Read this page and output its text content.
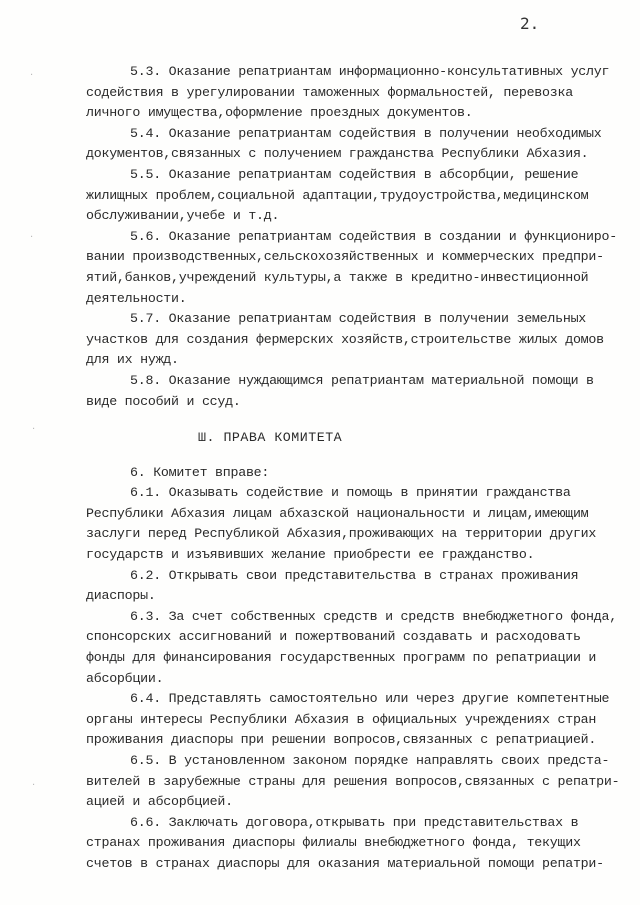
2.
·
·
·
·

5.3. Оказание репатриантам информационно-консультативных услуг
содействия в урегулировании таможенных формальностей, перевозка
личного имущества,оформление проездных документов.

5.4. Оказание репатриантам содействия в получении необходимых
документов,связанных с получением гражданства Республики Абхазия.

5.5. Оказание репатриантам содействия в абсорбции, решение
жилищных проблем,социальной адаптации,трудоустройства,медицинском
обслуживании,учебе и т.д.

5.6. Оказание репатриантам содействия в создании и функциониро-
вании производственных,сельскохозяйственных и коммерческих предпри-
ятий,банков,учреждений культуры,а также в кредитно-инвестиционной
деятельности.

5.7. Оказание репатриантам содействия в получении земельных
участков для создания фермерских хозяйств,строительстве жилых домов
для их нужд.

5.8. Оказание нуждающимся репатриантам материальной помощи в
виде пособий и ссуд.

Ш. ПРАВА КОМИТЕТА

6. Комитет вправе:

6.1. Оказывать содействие и помощь в принятии гражданства
Республики Абхазия лицам абхазской национальности и лицам,имеющим
заслуги перед Республикой Абхазия,проживающих на территории других
государств и изъявивших желание приобрести ее гражданство.

6.2. Открывать свои представительства в странах проживания
диаспоры.

6.3. За счет собственных средств и средств внебюджетного фонда,
спонсорских ассигнований и пожертвований создавать и расходовать
фонды для финансирования государственных программ по репатриации и
абсорбции.

6.4. Представлять самостоятельно или через другие компетентные
органы интересы Республики Абхазия в официальных учреждениях стран
проживания диаспоры при решении вопросов,связанных с репатриацией.

6.5. В установленном законом порядке направлять своих предста-
вителей в зарубежные страны для решения вопросов,связанных с репатри-
ацией и абсорбцией.

6.6. Заключать договора,открывать при представительствах в
странах проживания диаспоры филиалы внебюджетного фонда, текущих
счетов в странах диаспоры для оказания материальной помощи репатри-
